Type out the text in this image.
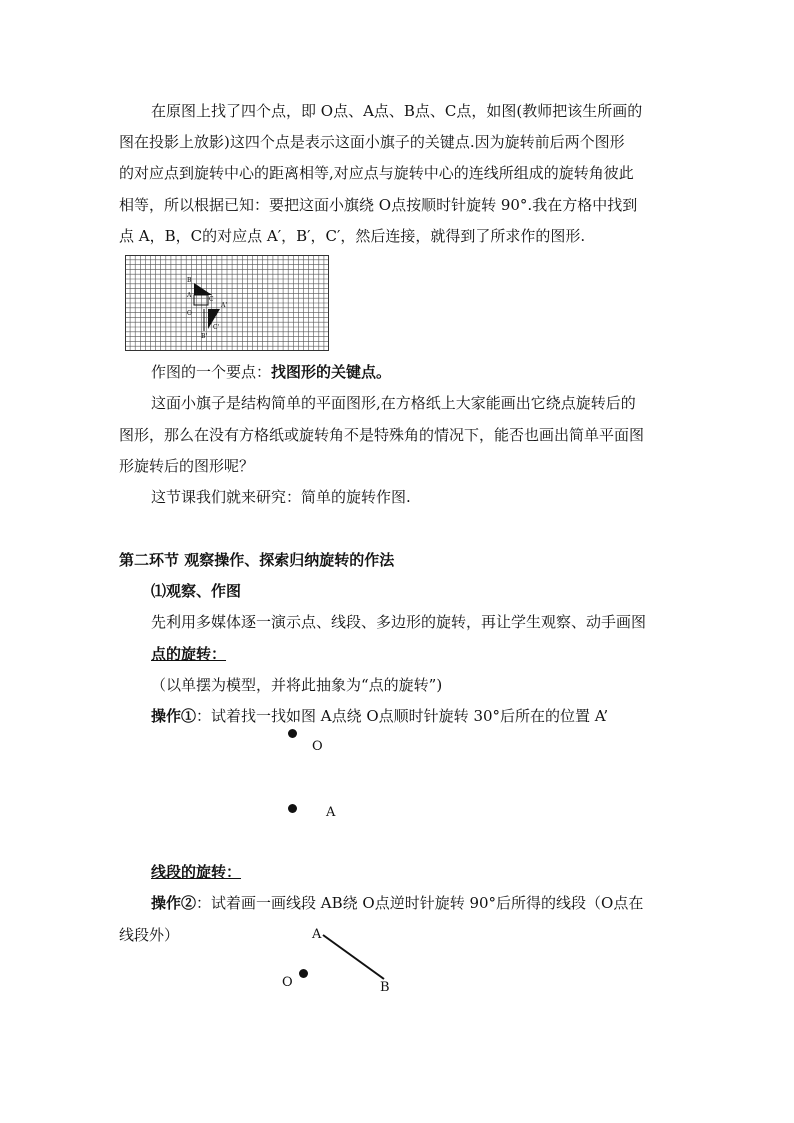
在原图上找了四个点，即 O点、A点、B点、C点，如图(教师把该生所画的
图在投影上放影)这四个点是表示这面小旗子的关键点.因为旋转前后两个图形
的对应点到旋转中心的距离相等,对应点与旋转中心的连线所组成的旋转角彼此
相等，所以根据已知：要把这面小旗绕 O点按顺时针旋转 90°.我在方格中找到
点 A，B，C的对应点 A′，B′，C′，然后连接，就得到了所求作的图形.
B
A
O
C
A'
C'
B'
作图的一个要点：找图形的关键点。
这面小旗子是结构简单的平面图形,在方格纸上大家能画出它绕点旋转后的
图形，那么在没有方格纸或旋转角不是特殊角的情况下，能否也画出简单平面图
形旋转后的图形呢？
这节课我们就来研究：简单的旋转作图.
第二环节 观察操作、探索归纳旋转的作法
⑴观察、作图
先利用多媒体逐一演示点、线段、多边形的旋转，再让学生观察、动手画图
点的旋转：
（以单摆为模型，并将此抽象为“点的旋转”)
操作①：试着找一找如图 A点绕 O点顺时针旋转 30°后所在的位置 A’
O
A
线段的旋转：
操作②：试着画一画线段 AB绕 O点逆时针旋转 90°后所得的线段（O点在
线段外）	A
B
O
